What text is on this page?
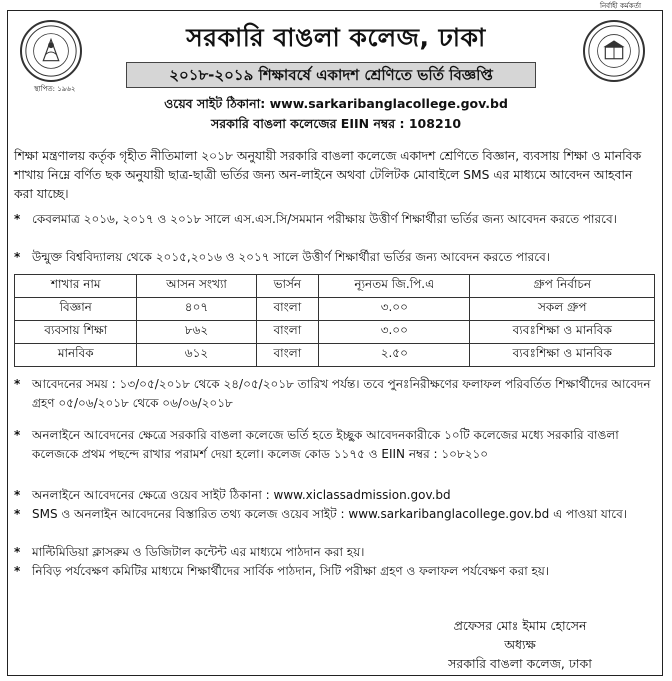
নির্বাহী কর্মকর্তা
স্থাপিত: ১৯৬২
সরকারি বাঙলা কলেজ, ঢাকা
২০১৮-২০১৯ শিক্ষাবর্ষে একাদশ শ্রেণিতে ভর্তি বিজ্ঞপ্তি
ওয়েব সাইট ঠিকানা: www.sarkaribanglacollege.gov.bd
সরকারি বাঙলা কলেজের EIIN নম্বর : 108210
শিক্ষা মন্ত্রণালয় কর্তৃক গৃহীত নীতিমালা ২০১৮ অনুযায়ী সরকারি বাঙলা কলেজে একাদশ শ্রেণিতে বিজ্ঞান, ব্যবসায় শিক্ষা ও মানবিক শাখায় নিম্নে বর্ণিত ছক অনুযায়ী ছাত্র-ছাত্রী ভর্তির জন্য অন-লাইনে অথবা টেলিটক মোবাইলে SMS এর মাধ্যমে আবেদন আহবান করা যাচ্ছে।
* কেবলমাত্র ২০১৬, ২০১৭ ও ২০১৮ সালে এস.এস.সি/সমমান পরীক্ষায় উত্তীর্ণ শিক্ষার্থীরা ভর্তির জন্য আবেদন করতে পারবে।
* উন্মুক্ত বিশ্ববিদ্যালয় থেকে ২০১৫,২০১৬ ও ২০১৭ সালে উত্তীর্ণ শিক্ষার্থীরা ভর্তির জন্য আবেদন করতে পারবে।
শাখার নাম	আসন সংখ্যা	ভার্সন	ন্যূনতম জি.পি.এ	গ্রুপ নির্বাচন
বিজ্ঞান	৪০৭	বাংলা	৩.০০	সকল গ্রুপ
ব্যবসায় শিক্ষা	৮৬২	বাংলা	৩.০০	ব্যবঃশিক্ষা ও মানবিক
মানবিক	৬১২	বাংলা	২.৫০	ব্যবঃশিক্ষা ও মানবিক
* আবেদনের সময় : ১৩/০৫/২০১৮ থেকে ২৪/০৫/২০১৮ তারিখ পর্যন্ত। তবে পুনঃনিরীক্ষণের ফলাফল পরিবর্তিত শিক্ষার্থীদের আবেদন গ্রহণ ০৫/০৬/২০১৮ থেকে ০৬/০৬/২০১৮
* অনলাইনে আবেদনের ক্ষেত্রে সরকারি বাঙলা কলেজে ভর্তি হতে ইচ্ছুক আবেদনকারীকে ১০টি কলেজের মধ্যে সরকারি বাঙলা কলেজকে প্রথম পছন্দে রাখার পরামর্শ দেয়া হলো। কলেজ কোড ১১৭৫ ও EIIN নম্বর : ১০৮২১০
* অনলাইনে আবেদনের ক্ষেত্রে ওয়েব সাইট ঠিকানা : www.xiclassadmission.gov.bd
* SMS ও অনলাইন আবেদনের বিস্তারিত তথ্য কলেজ ওয়েব সাইট : www.sarkaribanglacollege.gov.bd এ পাওয়া যাবে।
* মাল্টিমিডিয়া ক্লাসরুম ও ডিজিটাল কন্টেন্ট এর মাধ্যমে পাঠদান করা হয়।
* নিবিড় পর্যবেক্ষণ কমিটির মাধ্যমে শিক্ষার্থীদের সার্বিক পাঠদান, সিটি পরীক্ষা গ্রহণ ও ফলাফল পর্যবেক্ষণ করা হয়।
প্রফেসর মোঃ ইমাম হোসেন
অধ্যক্ষ
সরকারি বাঙলা কলেজ, ঢাকা
